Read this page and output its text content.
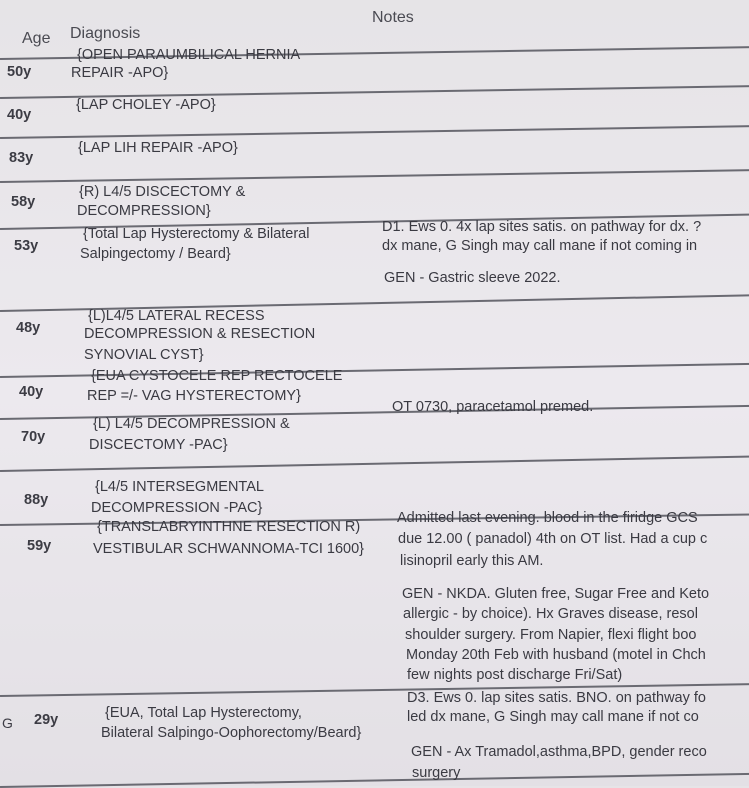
Age Diagnosis
Notes
G
50y
{OPEN PARAUMBILICAL HERNIA
REPAIR -APO}
40y
{LAP CHOLEY -APO}
83y
{LAP LIH REPAIR -APO}
58y
{R) L4/5 DISCECTOMY &
DECOMPRESSION}
53y
{Total Lap Hysterectomy & Bilateral
Salpingectomy / Beard}
D1. Ews 0. 4x lap sites satis. on pathway for dx. ?
dx mane, G Singh may call mane if not coming in
GEN - Gastric sleeve 2022.
48y
{L)L4/5 LATERAL RECESS
DECOMPRESSION & RESECTION
SYNOVIAL CYST}
40y
{EUA CYSTOCELE REP RECTOCELE
REP =/- VAG HYSTERECTOMY}
70y
{L) L4/5 DECOMPRESSION &
DISCECTOMY -PAC}
OT 0730, paracetamol premed.
88y
{L4/5 INTERSEGMENTAL
DECOMPRESSION -PAC}
59y
{TRANSLABRYINTHNE RESECTION R)
VESTIBULAR SCHWANNOMA-TCI 1600}
Admitted last evening. blood in the firidge GCS
due 12.00 ( panadol) 4th on OT list. Had a cup c
lisinopril early this AM.
GEN - NKDA. Gluten free, Sugar Free and Keto
allergic - by choice). Hx Graves disease, resol
shoulder surgery. From Napier, flexi flight boo
Monday 20th Feb with husband (motel in Chch
few nights post discharge Fri/Sat)
29y	{EUA, Total Lap Hysterectomy,
Bilateral Salpingo-Oophorectomy/Beard}
D3. Ews 0. lap sites satis. BNO. on pathway fo
led dx mane, G Singh may call mane if not co
GEN - Ax Tramadol,asthma,BPD, gender reco
surgery
